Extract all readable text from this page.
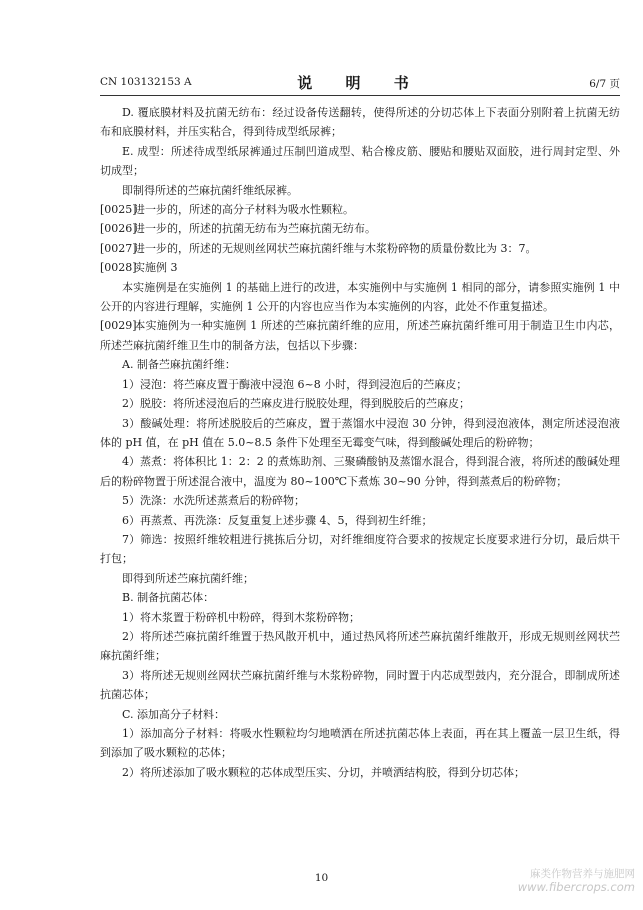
CN 103132153 A	说 明 书	6/7 页

D. 覆底膜材料及抗菌无纺布：经过设备传送翻转，使得所述的分切芯体上下表面分别附着上抗菌无纺布和底膜材料，并压实粘合，得到待成型纸尿裤；

E. 成型：所述待成型纸尿裤通过压制凹道成型、粘合橡皮筋、腰贴和腰贴双面胶，进行周封定型、外切成型；

即制得所述的苎麻抗菌纤维纸尿裤。

[0025]进一步的，所述的高分子材料为吸水性颗粒。

[0026]进一步的，所述的抗菌无纺布为苎麻抗菌无纺布。

[0027]进一步的，所述的无规则丝网状苎麻抗菌纤维与木浆粉碎物的质量份数比为 3：7。

[0028]实施例 3

本实施例是在实施例 1 的基础上进行的改进，本实施例中与实施例 1 相同的部分，请参照实施例 1 中公开的内容进行理解，实施例 1 公开的内容也应当作为本实施例的内容，此处不作重复描述。

[0029]本实施例为一种实施例 1 所述的苎麻抗菌纤维的应用，所述苎麻抗菌纤维可用于制造卫生巾内芯，所述苎麻抗菌纤维卫生巾的制备方法，包括以下步骤：

A. 制备苎麻抗菌纤维：

1）浸泡：将苎麻皮置于酶液中浸泡 6~8 小时，得到浸泡后的苎麻皮；

2）脱胶：将所述浸泡后的苎麻皮进行脱胶处理，得到脱胶后的苎麻皮；

3）酸碱处理：将所述脱胶后的苎麻皮，置于蒸馏水中浸泡 30 分钟，得到浸泡液体，测定所述浸泡液体的 pH 值，在 pH 值在 5.0~8.5 条件下处理至无霉变气味，得到酸碱处理后的粉碎物；

4）蒸煮：将体积比 1：2：2 的煮炼助剂、三聚磷酸钠及蒸馏水混合，得到混合液，将所述的酸碱处理后的粉碎物置于所述混合液中，温度为 80~100℃下煮炼 30~90 分钟，得到蒸煮后的粉碎物；

5）洗涤：水洗所述蒸煮后的粉碎物；

6）再蒸煮、再洗涤：反复重复上述步骤 4、5，得到初生纤维；

7）筛选：按照纤维较粗进行挑拣后分切，对纤维细度符合要求的按规定长度要求进行分切，最后烘干打包；

即得到所述苎麻抗菌纤维；

B. 制备抗菌芯体：

1）将木浆置于粉碎机中粉碎，得到木浆粉碎物；

2）将所述苎麻抗菌纤维置于热风散开机中，通过热风将所述苎麻抗菌纤维散开，形成无规则丝网状苎麻抗菌纤维；

3）将所述无规则丝网状苎麻抗菌纤维与木浆粉碎物，同时置于内芯成型鼓内，充分混合，即制成所述抗菌芯体；

C. 添加高分子材料：

1）添加高分子材料：将吸水性颗粒均匀地喷洒在所述抗菌芯体上表面，再在其上覆盖一层卫生纸，得到添加了吸水颗粒的芯体；

2）将所述添加了吸水颗粒的芯体成型压实、分切，并喷洒结构胶，得到分切芯体；

10	麻类作物营养与施肥网
www.fibercrops.com
